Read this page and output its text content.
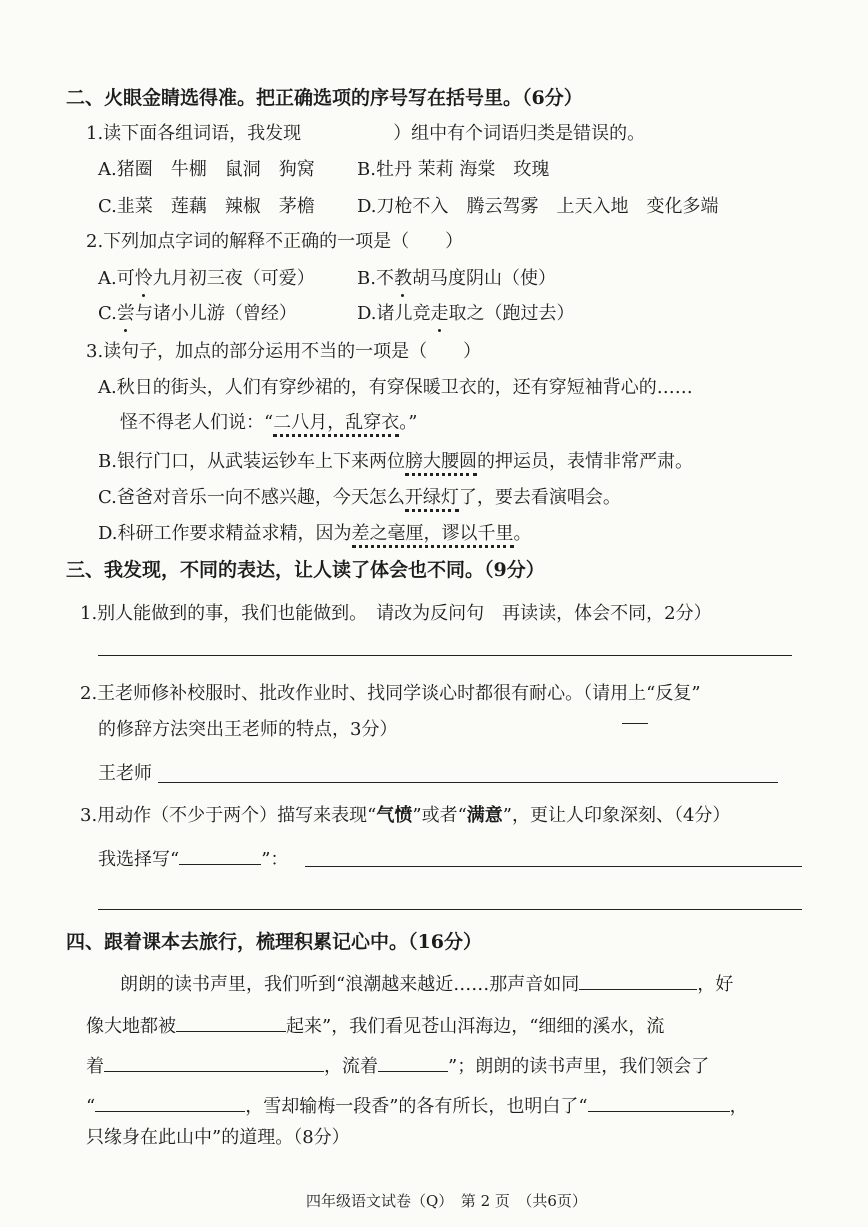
二、火眼金睛选得准。把正确选项的序号写在括号里。（6分）
1.读下面各组词语，我发现	）组中有个词语归类是错误的。
A.猪圈　牛棚　鼠洞　狗窝 B.牡丹 茉莉 海棠　玫瑰
C.韭菜　莲藕　辣椒　茅檐 D.刀枪不入　腾云驾雾　上天入地　变化多端
2.下列加点字词的解释不正确的一项是（　　）
A.可怜九月初三夜（可爱） B.不教胡马度阴山（使）
C.尝与诸小儿游（曾经）	D.诸儿竞走取之（跑过去）
3.读句子，加点的部分运用不当的一项是（　　）
A.秋日的街头，人们有穿纱裙的，有穿保暖卫衣的，还有穿短袖背心的……
怪不得老人们说：“二八月，乱穿衣。”
B.银行门口，从武装运钞车上下来两位膀大腰圆的押运员，表情非常严肃。
C.爸爸对音乐一向不感兴趣，今天怎么开绿灯了，要去看演唱会。
D.科研工作要求精益求精，因为差之毫厘，谬以千里。
三、我发现，不同的表达，让人读了体会也不同。（9分）
1.别人能做到的事，我们也能做到。　请改为反问句　再读读，体会不同，2分）
2.王老师修补校服时、批改作业时、找同学谈心时都很有耐心。（请用上“反复”
的修辞方法突出王老师的特点，3分）
王老师
3.用动作（不少于两个）描写来表现“气愤”或者“满意”，更让人印象深刻、（4分）
我选择写“	”：
四、跟着课本去旅行，梳理积累记心中。（16分）
朗朗的读书声里，我们听到“浪潮越来越近……那声音如同	，好
像大地都被	起来”，我们看见苍山洱海边，“细细的溪水，流
着	，流着	”；朗朗的读书声里，我们领会了
“	，雪却输梅一段香”的各有所长，也明白了“	，
只缘身在此山中”的道理。（8分）
四年级语文试卷（Q）　第 2 页　（共6页）
